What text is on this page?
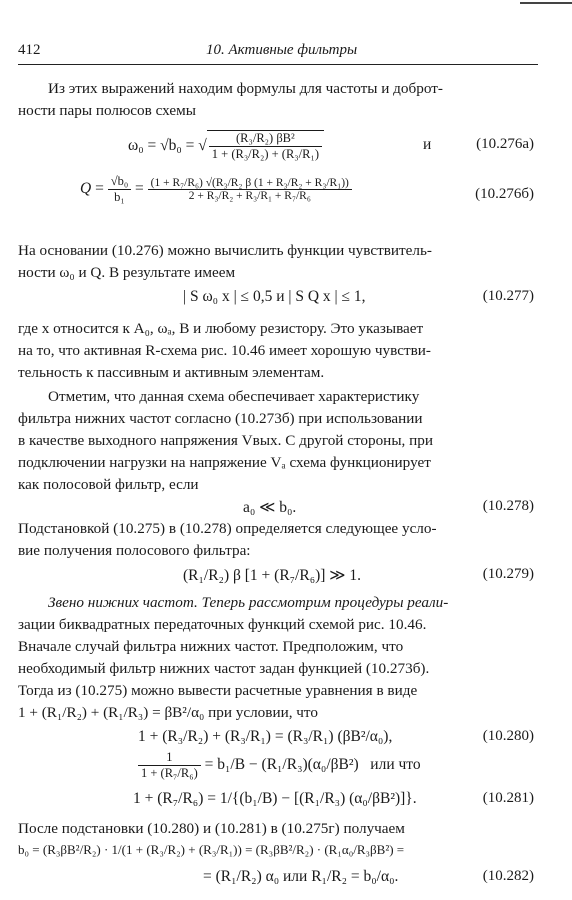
412	10. Активные фильтры
Из этих выражений находим формулы для частоты и доброт-
ности пары полюсов схемы
ω₀ = √b₀ = √ $\frac{\text{(R₃/R₂) βB²}}{\text{1 + (R₃/R₂) + (R₃/R₁)}}$	и	(10.276а)
$Q = \frac{\text{√b₀}}{\text{b₁}} = \frac{\text{(1 + R₇/R₆) √(R₃/R₂ β (1 + R₃/R₂ + R₃/R₁))}}{\text{2 + R₃/R₂ + R₃/R₁ + R₇/R₆}}$	(10.276б)
На основании (10.276) можно вычислить функции чувствитель-
ности ω₀ и Q. В результате имеем
| S ω₀ x | ≤ 0,5 и | S Q x | ≤ 1,	(10.277)
где x относится к A₀, ωₐ, B и любому резистору. Это указывает
на то, что активная R-схема рис. 10.46 имеет хорошую чувстви-
тельность к пассивным и активным элементам.
Отметим, что данная схема обеспечивает характеристику
фильтра нижних частот согласно (10.273б) при использовании
в качестве выходного напряжения Vвых. С другой стороны, при
подключении нагрузки на напряжение Vₐ схема функционирует
как полосовой фильтр, если
a₀ ≪ b₀.	(10.278)
Подстановкой (10.275) в (10.278) определяется следующее усло-
вие получения полосового фильтра:
(R₁/R₂) β [1 + (R₇/R₆)] ≫ 1.	(10.279)
Звено нижних частот. Теперь рассмотрим процедуры реали-
зации биквадратных передаточных функций схемой рис. 10.46.
Вначале случай фильтра нижних частот. Предположим, что
необходимый фильтр нижних частот задан функцией (10.273б).
Тогда из (10.275) можно вывести расчетные уравнения в виде
1 + (R₁/R₂) + (R₁/R₃) = βB²/α₀ при условии, что
1 + (R₃/R₂) + (R₃/R₁) = (R₃/R₁) (βB²/α₀),	(10.280)
$\frac{1}{\text{1 + (R₇/R₆)}} = b_1/B - (R_1/R_3)(\alpha_0/\beta B^2)$ или что
1 + (R₇/R₆) = 1/{(b₁/B) − [(R₁/R₃) (α₀/βB²)]}.	(10.281)
После подстановки (10.280) и (10.281) в (10.275г) получаем
b₀ = (R₃βB²/R₂) · 1/(1 + (R₃/R₂) + (R₃/R₁)) = (R₃βB²/R₂) · (R₁α₀/R₃βB²) =
= (R₁/R₂) α₀ или R₁/R₂ = b₀/α₀.	(10.282)
